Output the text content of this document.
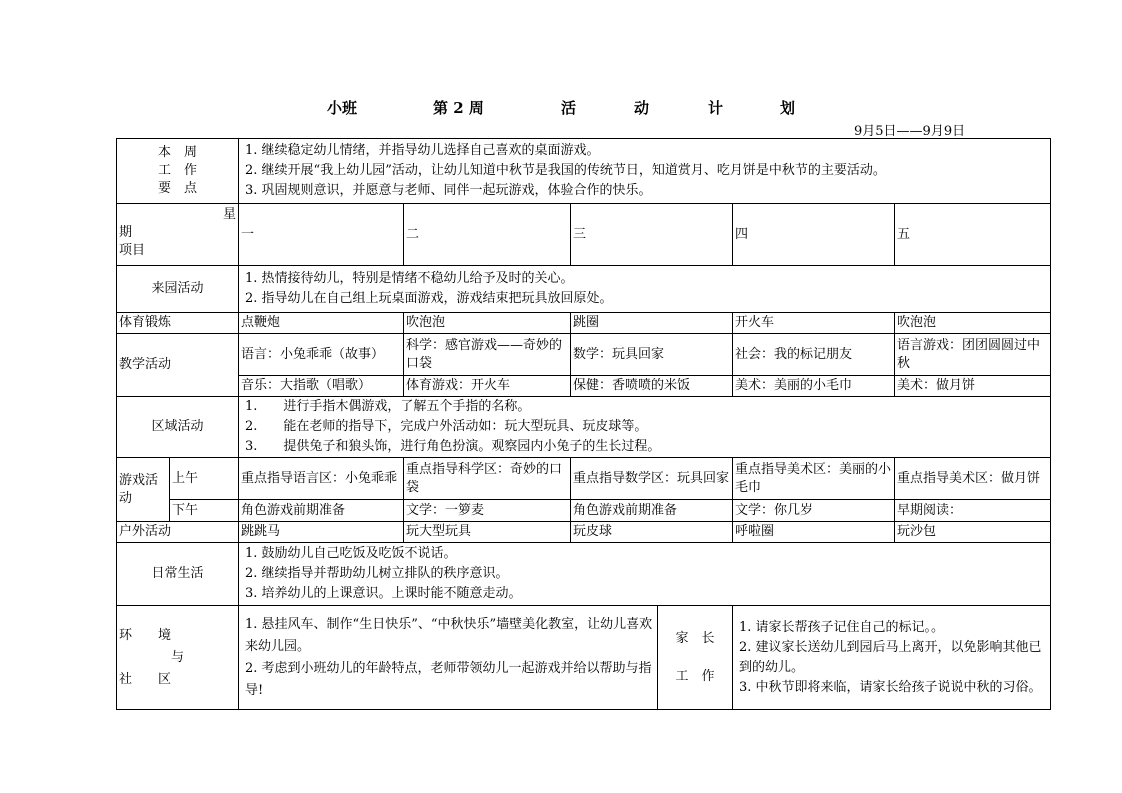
小班	第 2 周	活	动	计	划
9月5日——9月9日
本　周
工　作
要　点		1. 继续稳定幼儿情绪，并指导幼儿选择自己喜欢的桌面游戏。
2. 继续开展“我上幼儿园”活动，让幼儿知道中秋节是我国的传统节日，知道赏月、吃月饼是中秋节的主要活动。
3. 巩固规则意识，并愿意与老师、同伴一起玩游戏，体验合作的快乐。					

星
期
项目		一	二	三		四	五
来园活动		1. 热情接待幼儿，特别是情绪不稳幼儿给予及时的关心。
2. 指导幼儿在自己组上玩桌面游戏，游戏结束把玩具放回原处。					

体育锻炼		点鞭炮	吹泡泡	跳圈		开火车	吹泡泡
教学活动		语言：小兔乖乖（故事）	科学：感官游戏——奇妙的口袋	数学：玩具回家		社会：我的标记朋友	语言游戏：团团圆圆过中秋
		音乐：大指歌（唱歌）	体育游戏：开火车	保健：香喷喷的米饭		美术：美丽的小毛巾	美术：做月饼
区域活动		1.　　进行手指木偶游戏，了解五个手指的名称。
2.　　能在老师的指导下，完成户外活动如：玩大型玩具、玩皮球等。
3.　　提供兔子和狼头饰，进行角色扮演。观察园内小兔子的生长过程。					

游戏活动	上午	重点指导语言区：小兔乖乖	重点指导科学区：奇妙的口袋	重点指导数学区：玩具回家		重点指导美术区：美丽的小毛巾	重点指导美术区：做月饼
	下午	角色游戏前期准备	文学：一箩麦	角色游戏前期准备		文学：你几岁	早期阅读：
户外活动		跳跳马	玩大型玩具	玩皮球		呼啦圈	玩沙包
日常生活		1. 鼓励幼儿自己吃饭及吃饭不说话。
2. 继续指导并帮助幼儿树立排队的秩序意识。
3. 培养幼儿的上课意识。上课时能不随意走动。					

环　　境
与
社　　区		1. 悬挂风车、制作“生日快乐”、“中秋快乐”墙壁美化教室，让幼儿喜欢来幼儿园。
2. 考虑到小班幼儿的年龄特点，老师带领幼儿一起游戏并给以帮助与指导!			家　长
工　作	1. 请家长帮孩子记住自己的标记。。
2. 建议家长送幼儿到园后马上离开，以免影响其他已到的幼儿。
3. 中秋节即将来临，请家长给孩子说说中秋的习俗。	
